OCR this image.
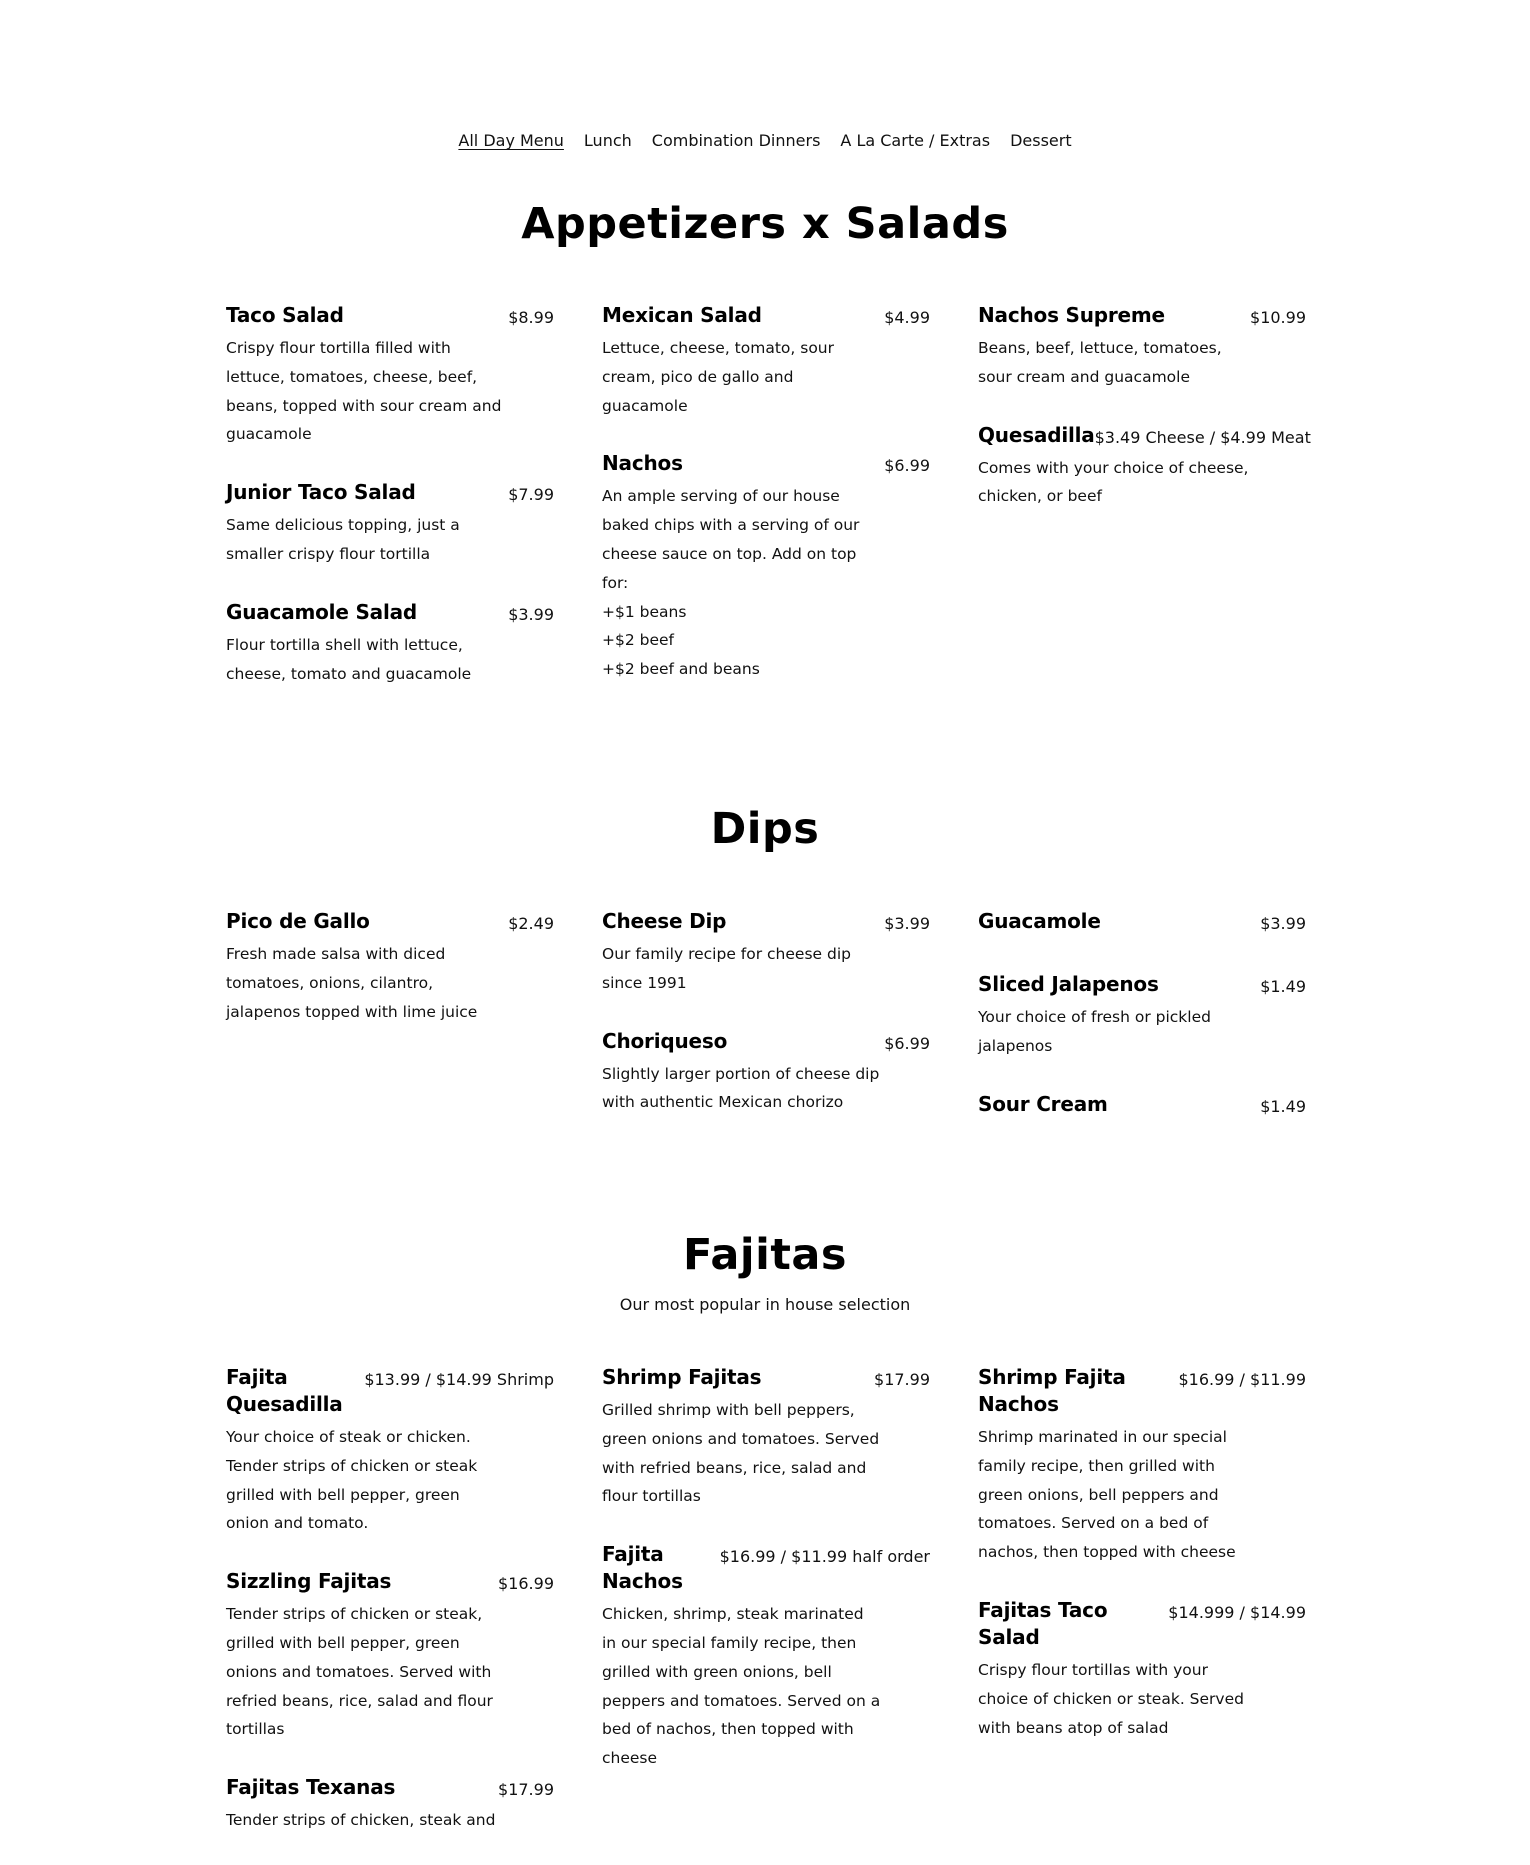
All Day Menu Lunch Combination Dinners A La Carte / Extras Dessert
Appetizers x Salads
Taco Salad	$8.99

Crispy flour tortilla filled with lettuce, tomatoes, cheese, beef, beans, topped with sour cream and guacamole

Junior Taco Salad	$7.99

Same delicious topping, just a smaller crispy flour tortilla

Guacamole Salad	$3.99

Flour tortilla shell with lettuce, cheese, tomato and guacamole

Mexican Salad	$4.99

Lettuce, cheese, tomato, sour cream, pico de gallo and guacamole

Nachos	$6.99

An ample serving of our house baked chips with a serving of our cheese sauce on top. Add on top for:
+$1 beans
+$2 beef
+$2 beef and beans

Nachos Supreme	$10.99

Beans, beef, lettuce, tomatoes, sour cream and guacamole

Quesadilla $3.49 Cheese / $4.99 Meat

Comes with your choice of cheese, chicken, or beef

Dips
Pico de Gallo	$2.49

Fresh made salsa with diced tomatoes, onions, cilantro, jalapenos topped with lime juice

Cheese Dip	$3.99

Our family recipe for cheese dip since 1991

Choriqueso	$6.99

Slightly larger portion of cheese dip with authentic Mexican chorizo

Guacamole	$3.99
Sliced Jalapenos	$1.49

Your choice of fresh or pickled jalapenos

Sour Cream	$1.49
Fajitas

Our most popular in house selection

Fajita Quesadilla
$13.99 / $14.99 Shrimp

Your choice of steak or chicken. Tender strips of chicken or steak grilled with bell pepper, green onion and tomato.

Sizzling Fajitas	$16.99

Tender strips of chicken or steak, grilled with bell pepper, green onions and tomatoes. Served with refried beans, rice, salad and flour tortillas

Fajitas Texanas	$17.99

Tender strips of chicken, steak and

Shrimp Fajitas	$17.99

Grilled shrimp with bell peppers, green onions and tomatoes. Served with refried beans, rice, salad and flour tortillas

Fajita Nachos
$16.99 / $11.99 half order

Chicken, shrimp, steak marinated in our special family recipe, then grilled with green onions, bell peppers and tomatoes. Served on a bed of nachos, then topped with cheese

Shrimp Fajita Nachos
$16.99 / $11.99

Shrimp marinated in our special family recipe, then grilled with green onions, bell peppers and tomatoes. Served on a bed of nachos, then topped with cheese

Fajitas Taco Salad
$14.999 / $14.99

Crispy flour tortillas with your choice of chicken or steak. Served with beans atop of salad
